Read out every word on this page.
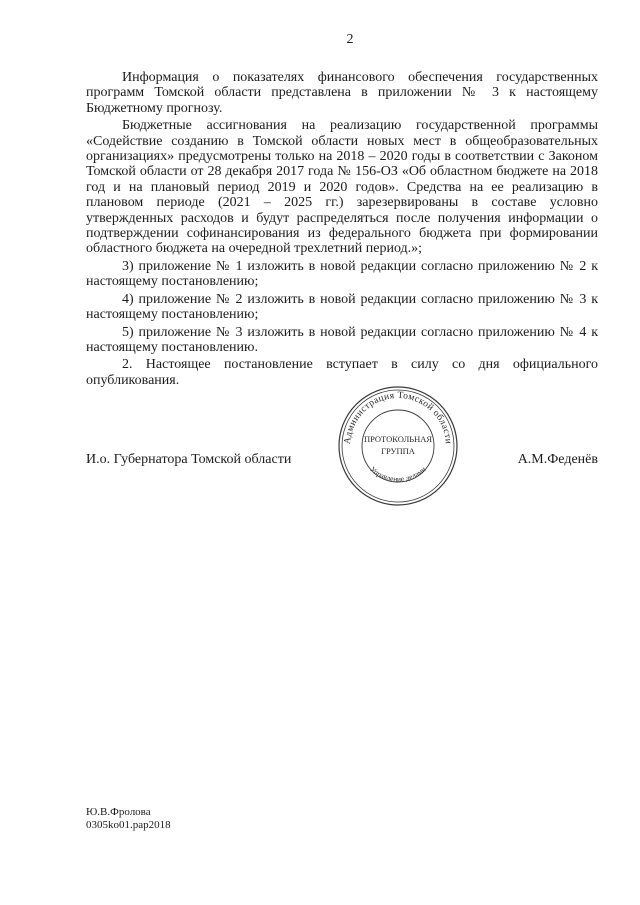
2

Информация о показателях финансового обеспечения государственных программ Томской области представлена в приложении № 3 к настоящему Бюджетному прогнозу.

Бюджетные ассигнования на реализацию государственной программы «Содействие созданию в Томской области новых мест в общеобразовательных организациях» предусмотрены только на 2018 – 2020 годы в соответствии с Законом Томской области от 28 декабря 2017 года № 156-ОЗ «Об областном бюджете на 2018 год и на плановый период 2019 и 2020 годов». Средства на ее реализацию в плановом периоде (2021 – 2025 гг.) зарезервированы в составе условно утвержденных расходов и будут распределяться после получения информации о подтверждении софинансирования из федерального бюджета при формировании областного бюджета на очередной трехлетний период.»;

3) приложение № 1 изложить в новой редакции согласно приложению № 2 к настоящему постановлению;

4) приложение № 2 изложить в новой редакции согласно приложению № 3 к настоящему постановлению;

5) приложение № 3 изложить в новой редакции согласно приложению № 4 к настоящему постановлению.

2. Настоящее постановление вступает в силу со дня официального опубликования.

Администрация Томской области
ПРОТОКОЛЬНАЯ
ГРУППА
Управление делами
И.о. Губернатора Томской области	А.М.Феденёв
Ю.В.Фролова
0305ko01.pap2018
